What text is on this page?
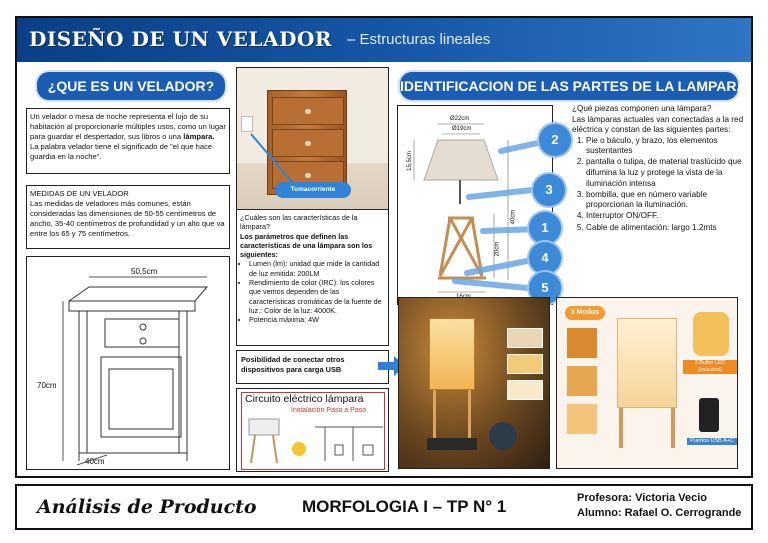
DISEÑO DE UN VELADOR – Estructuras lineales
¿QUE ES UN VELADOR?	IDENTIFICACION DE LAS PARTES DE LA LAMPARA
Un velador o mesa de noche representa el lujo de su habitación al proporcionarle múltiples usos, como un lugar para guardar el despertador, sus libros o una lámpara.
La palabra velador tiene el significado de "el que hace guardia en la noche".
MEDIDAS DE UN VELADOR
Las medidas de veladores más comunes, están consideradas las dimensiones de 50-55 centímetros de ancho, 35-40 centímetros de profundidad y un alto que va entre los 65 y 75 centímetros.
50,5cm
70cm
40cm
Tomacorriente
¿Cuáles son las características de la lámpara?
Los parámetros que definen las características de una lámpara son los siguientes:
• Lumen (lm): unidad que mide la cantidad de luz emitida: 200LM
• Rendimiento de color (IRC): los colores que vemos dependen de las características cromáticas de la fuente de luz.: Color de la luz: 4000K.
• Potencia máxima: 4W
Posibilidad de conectar otros dispositivos para carga USB
Circuito eléctrico lámpara
Instalación Paso a Paso
Ø22cm
Ø19cm
15,5cm
40cm
20cm
2
3
1
4
5
¿Qué piezas componen una lámpara?
Las lámparas actuales van conectadas a la red eléctrica y constan de las siguientes partes:
1. Pie o báculo, y brazo, los elementos sustentantes
2. pantalla o tulipa, de material traslúcido que difumina la luz y protege la vista de la iluminación intensa
3. bombilla, que en número variable proporcionan la iluminación.
4. Interruptor ON/OFF.
5. Cable de alimentación: largo 1.2mts
3 Modos
2 Bulbs LED (Included)
Puertos USB A+C
Análisis de Producto	MORFOLOGIA I – TP N° 1	Profesora: Victoria Vecio
Alumno: Rafael O. Cerrogrande
